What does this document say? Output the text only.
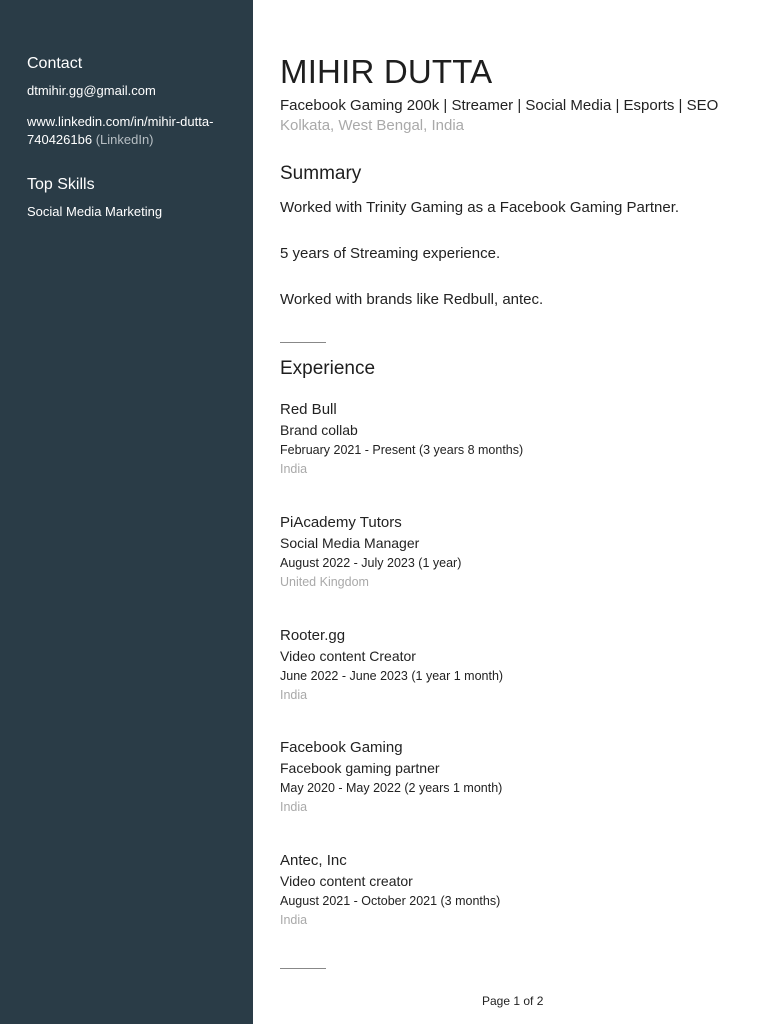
Contact
dtmihir.gg@gmail.com
www.linkedin.com/in/mihir-dutta-7404261b6 (LinkedIn)
Top Skills
Social Media Marketing
MIHIR DUTTA
Facebook Gaming 200k | Streamer | Social Media | Esports | SEO
Kolkata, West Bengal, India
Summary
Worked with Trinity Gaming as a Facebook Gaming Partner.
5 years of Streaming experience.
Worked with brands like Redbull, antec.
Experience
Red Bull
Brand collab
February 2021 - Present (3 years 8 months)
India
PiAcademy Tutors
Social Media Manager
August 2022 - July 2023 (1 year)
United Kingdom
Rooter.gg
Video content Creator
June 2022 - June 2023 (1 year 1 month)
India
Facebook Gaming
Facebook gaming partner
May 2020 - May 2022 (2 years 1 month)
India
Antec, Inc
Video content creator
August 2021 - October 2021 (3 months)
India
Page 1 of 2
